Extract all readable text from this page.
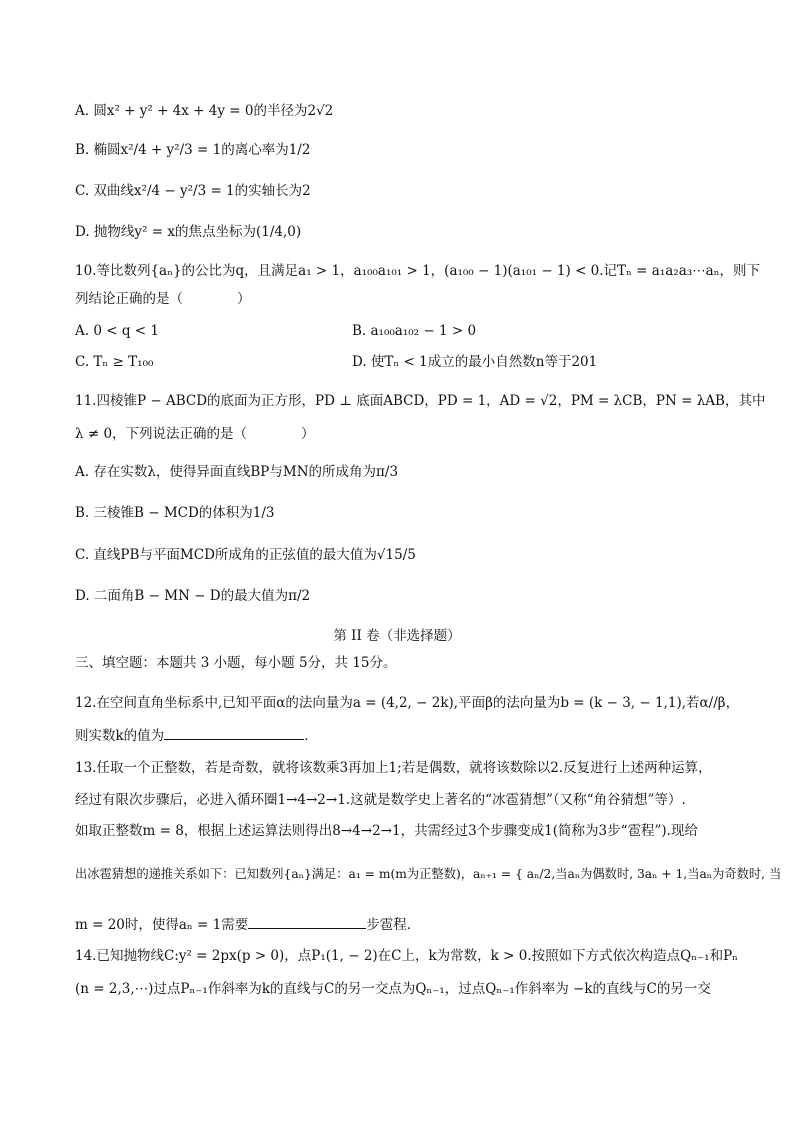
A. 圆x² + y² + 4x + 4y = 0的半径为2√2
B. 椭圆x²/4 + y²/3 = 1的离心率为1/2
C. 双曲线x²/4 − y²/3 = 1的实轴长为2
D. 抛物线y² = x的焦点坐标为(1/4,0)
10.等比数列{aₙ}的公比为q，且满足a₁ > 1，a₁₀₀a₁₀₁ > 1，(a₁₀₀ − 1)(a₁₀₁ − 1) < 0.记Tₙ = a₁a₂a₃⋯aₙ，则下
列结论正确的是（　　　　）
A. 0 < q < 1	B. a₁₀₀a₁₀₂ − 1 > 0
C. Tₙ ≥ T₁₀₀	D. 使Tₙ < 1成立的最小自然数n等于201
11.四棱锥P − ABCD的底面为正方形，PD ⊥ 底面ABCD，PD = 1，AD = √2，PM = λCB，PN = λAB，其中
λ ≠ 0，下列说法正确的是（　　　　）
A. 存在实数λ，使得异面直线BP与MN的所成角为π/3
B. 三棱锥B − MCD的体积为1/3
C. 直线PB与平面MCD所成角的正弦值的最大值为√15/5
D. 二面角B − MN − D的最大值为π/2
第 II 卷（非选择题）
三、填空题：本题共 3 小题，每小题 5分，共 15分。
12.在空间直角坐标系中,已知平面α的法向量为a = (4,2, − 2k),平面β的法向量为b = (k − 3, − 1,1),若α//β，
则实数k的值为	．
13.任取一个正整数，若是奇数，就将该数乘3再加上1;若是偶数，就将该数除以2.反复进行上述两种运算，
经过有限次步骤后，必进入循环圈1→4→2→1.这就是数学史上著名的“冰雹猜想”（又称“角谷猜想”等）.
如取正整数m = 8，根据上述运算法则得出8→4→2→1，共需经过3个步骤变成1(简称为3步“雹程”).现给
出冰雹猜想的递推关系如下：已知数列{aₙ}满足：a₁ = m(m为正整数)，aₙ₊₁ = { aₙ/2,当aₙ为偶数时, 3aₙ + 1,当aₙ为奇数时, 当
m = 20时，使得aₙ = 1需要	步雹程．
14.已知抛物线C:y² = 2px(p > 0)，点P₁(1, − 2)在C上，k为常数，k > 0.按照如下方式依次构造点Qₙ₋₁和Pₙ
(n = 2,3,⋯)过点Pₙ₋₁作斜率为k的直线与C的另一交点为Qₙ₋₁，过点Qₙ₋₁作斜率为 −k的直线与C的另一交
